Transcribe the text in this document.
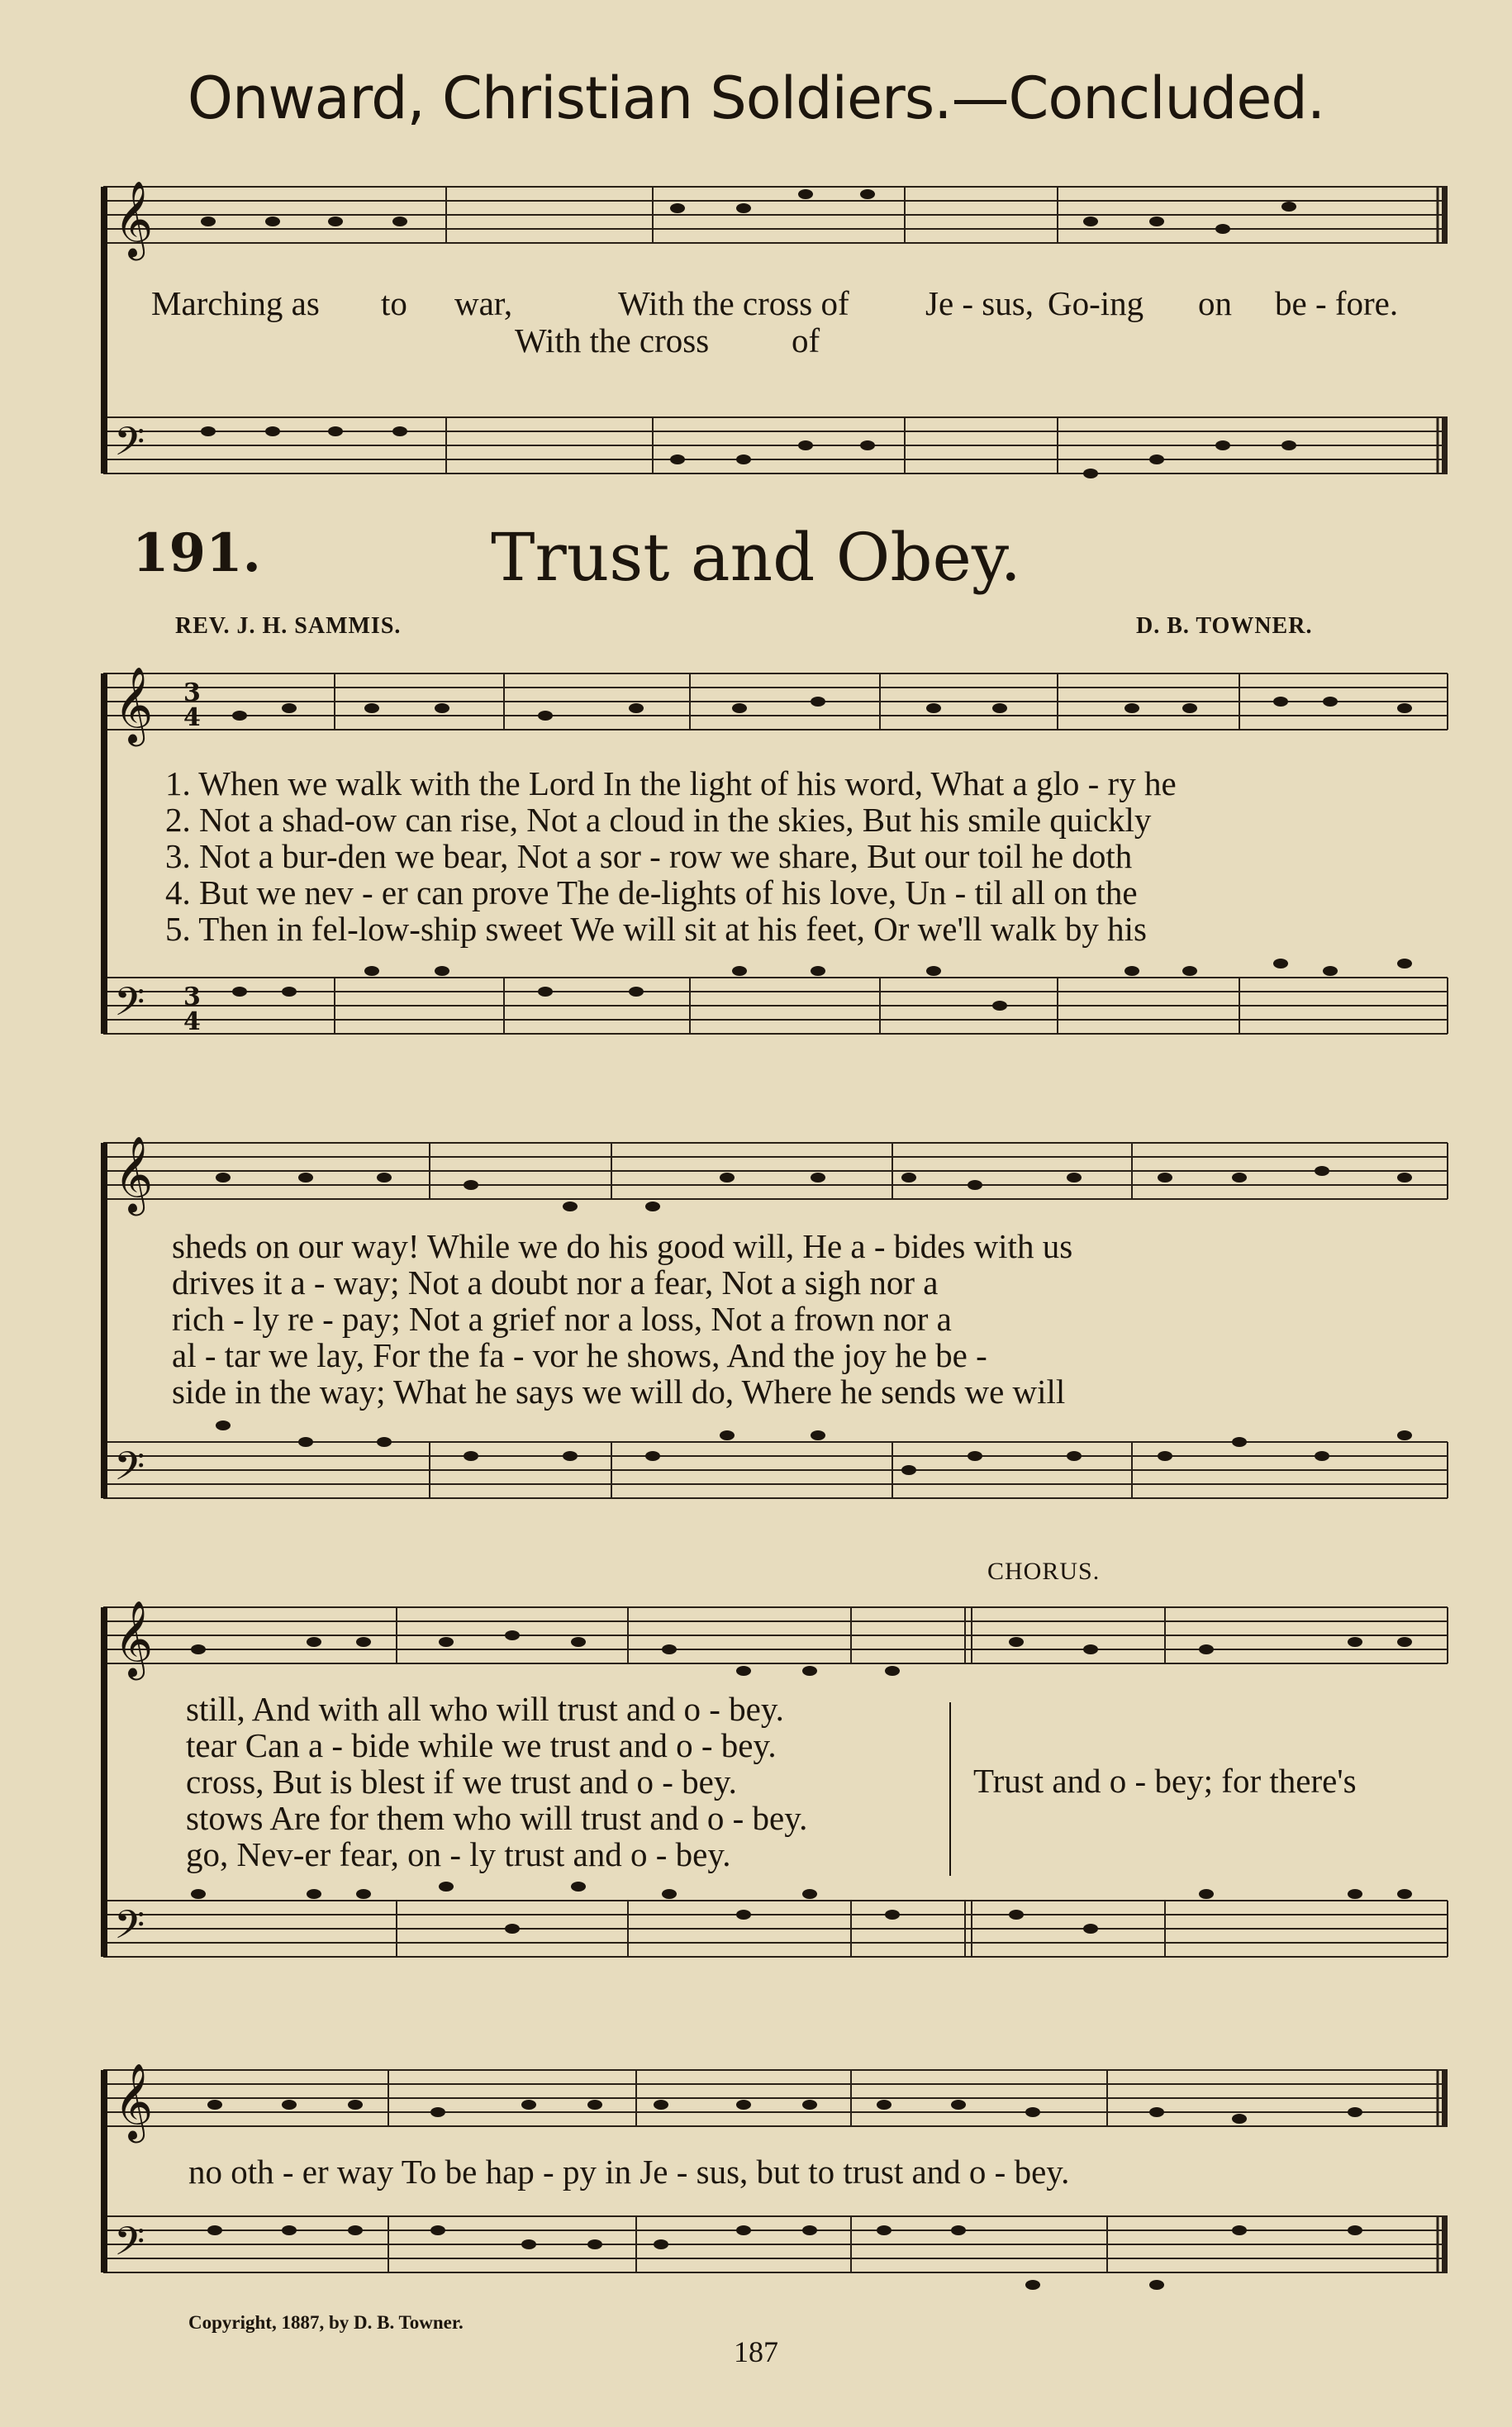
Onward, Christian Soldiers.—Concluded.
𝄞
𝄢
Marching as to war,	With the cross of Je - sus, Go-ing on be - fore.
With the cross of
191.	Trust and Obey.
REV. J. H. SAMMIS.	D. B. TOWNER.
𝄞
𝄢
3
4
3
4
1. When we walk with the Lord In the light of his word, What a glo - ry he
2. Not a shad-ow can rise, Not a cloud in the skies, But his smile quickly
3. Not a bur-den we bear, Not a sor - row we share, But our toil he doth
4. But we nev - er can prove The de-lights of his love, Un - til all on the
5. Then in fel-low-ship sweet We will sit at his feet, Or we'll walk by his
𝄞
𝄢
sheds on our way! While we do his good will, He a - bides with us
drives it a - way; Not a doubt nor a fear, Not a sigh nor a
rich - ly re - pay; Not a grief nor a loss, Not a frown nor a
al - tar we lay, For the fa - vor he shows, And the joy he be -
side in the way; What he says we will do, Where he sends we will
CHORUS.
𝄞
𝄢
still, And with all who will trust and o - bey.
tear Can a - bide while we trust and o - bey.
cross, But is blest if we trust and o - bey.
stows Are for them who will trust and o - bey.
go, Nev-er fear, on - ly trust and o - bey.
Trust and o - bey; for there's
𝄞
𝄢
no oth - er way To be hap - py in Je - sus, but to trust and o - bey.
Copyright, 1887, by D. B. Towner.
187
